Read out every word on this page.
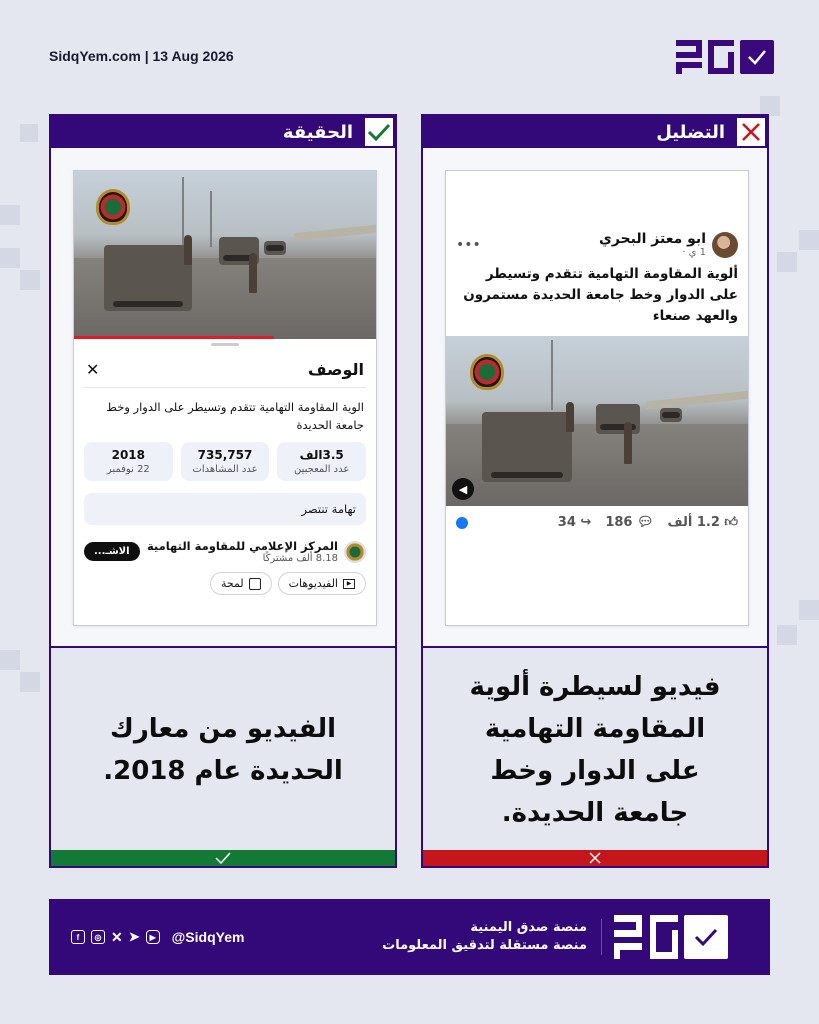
SidqYem.com | 13 Aug 2026
الحقيقة
الوصف
✕

الوية المقاومة التهامية تتقدم وتسيطر على الدوار وخط جامعة الحديدة

3.5الف
عدد المعجبين
735,757
عدد المشاهدات
2018
22 نوفمبر
تهامة تنتصر
المركز الإعلامي للمقاومة التهامية
8.18 ألف مشتركًا
الاشـ...
▶
الفيديوهات
لمحة

الفيديو من معارك الحديدة عام 2018.

التضليل
ابو معتز البحري
1 ي ·
•••

ألوية المقاومة التهامية تتقدم وتسيطر على الدوار وخط جامعة الحديدة مستمرون والعهد صنعاء

◀
👍︎ 1.2 ألف
💬︎ 186
↪ 34

فيديو لسيطرة ألوية المقاومة التهامية على الدوار وخط جامعة الحديدة.

منصة صدق اليمنية
منصة مستقلة لتدقيق المعلومات
f	◎ ✕ ➤	▶ @SidqYem
